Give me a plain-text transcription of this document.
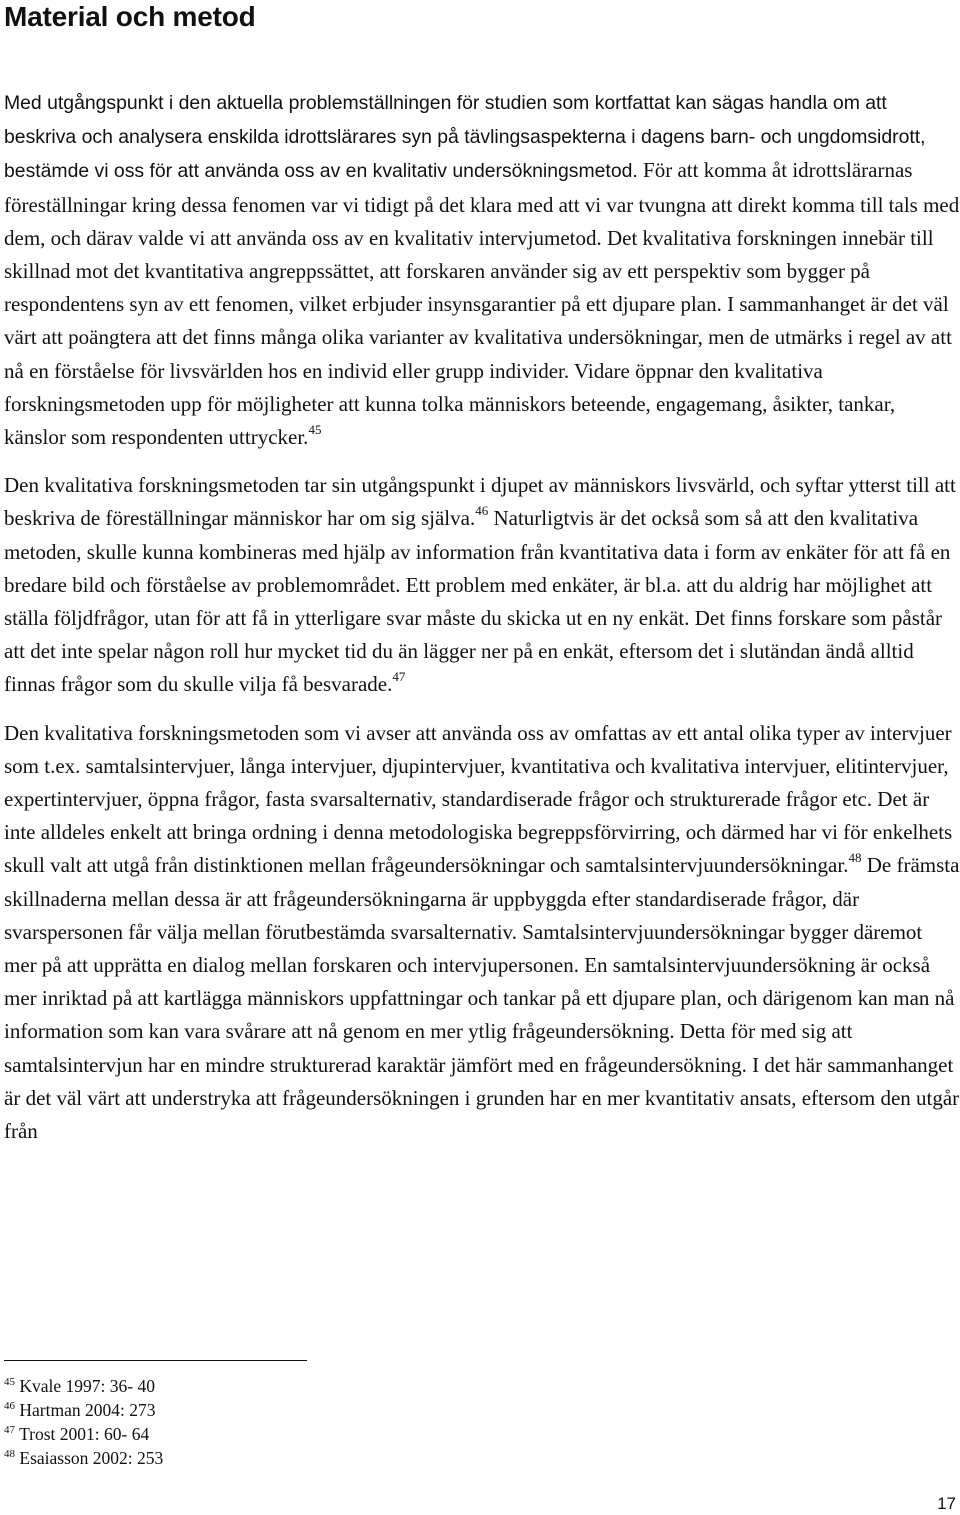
Material och metod

Med utgångspunkt i den aktuella problemställningen för studien som kortfattat kan sägas handla om att beskriva och analysera enskilda idrottslärares syn på tävlingsaspekterna i dagens barn- och ungdomsidrott, bestämde vi oss för att använda oss av en kvalitativ undersökningsmetod. För att komma åt idrottslärarnas föreställningar kring dessa fenomen var vi tidigt på det klara med att vi var tvungna att direkt komma till tals med dem, och därav valde vi att använda oss av en kvalitativ intervjumetod. Det kvalitativa forskningen innebär till skillnad mot det kvantitativa angreppssättet, att forskaren använder sig av ett perspektiv som bygger på respondentens syn av ett fenomen, vilket erbjuder insynsgarantier på ett djupare plan. I sammanhanget är det väl värt att poängtera att det finns många olika varianter av kvalitativa undersökningar, men de utmärks i regel av att nå en förståelse för livsvärlden hos en individ eller grupp individer. Vidare öppnar den kvalitativa forskningsmetoden upp för möjligheter att kunna tolka människors beteende, engagemang, åsikter, tankar, känslor som respondenten uttrycker.$^{45}$

Den kvalitativa forskningsmetoden tar sin utgångspunkt i djupet av människors livsvärld, och syftar ytterst till att beskriva de föreställningar människor har om sig själva.$^{46}$ Naturligtvis är det också som så att den kvalitativa metoden, skulle kunna kombineras med hjälp av information från kvantitativa data i form av enkäter för att få en bredare bild och förståelse av problemområdet. Ett problem med enkäter, är bl.a. att du aldrig har möjlighet att ställa följdfrågor, utan för att få in ytterligare svar måste du skicka ut en ny enkät. Det finns forskare som påstår att det inte spelar någon roll hur mycket tid du än lägger ner på en enkät, eftersom det i slutändan ändå alltid finnas frågor som du skulle vilja få besvarade.$^{47}$

Den kvalitativa forskningsmetoden som vi avser att använda oss av omfattas av ett antal olika typer av intervjuer som t.ex. samtalsintervjuer, långa intervjuer, djupintervjuer, kvantitativa och kvalitativa intervjuer, elitintervjuer, expertintervjuer, öppna frågor, fasta svarsalternativ, standardiserade frågor och strukturerade frågor etc. Det är inte alldeles enkelt att bringa ordning i denna metodologiska begreppsförvirring, och därmed har vi för enkelhets skull valt att utgå från distinktionen mellan frågeundersökningar och samtalsintervjuundersökningar.$^{48}$ De främsta skillnaderna mellan dessa är att frågeundersökningarna är uppbyggda efter standardiserade frågor, där svarspersonen får välja mellan förutbestämda svarsalternativ. Samtalsintervjuundersökningar bygger däremot mer på att upprätta en dialog mellan forskaren och intervjupersonen. En samtalsintervjuundersökning är också mer inriktad på att kartlägga människors uppfattningar och tankar på ett djupare plan, och därigenom kan man nå information som kan vara svårare att nå genom en mer ytlig frågeundersökning. Detta för med sig att samtalsintervjun har en mindre strukturerad karaktär jämfört med en frågeundersökning. I det här sammanhanget är det väl värt att understryka att frågeundersökningen i grunden har en mer kvantitativ ansats, eftersom den utgår från

$^{45}$ Kvale 1997: 36- 40
$^{46}$ Hartman 2004: 273
$^{47}$ Trost 2001: 60- 64
$^{48}$ Esaiasson 2002: 253
17
